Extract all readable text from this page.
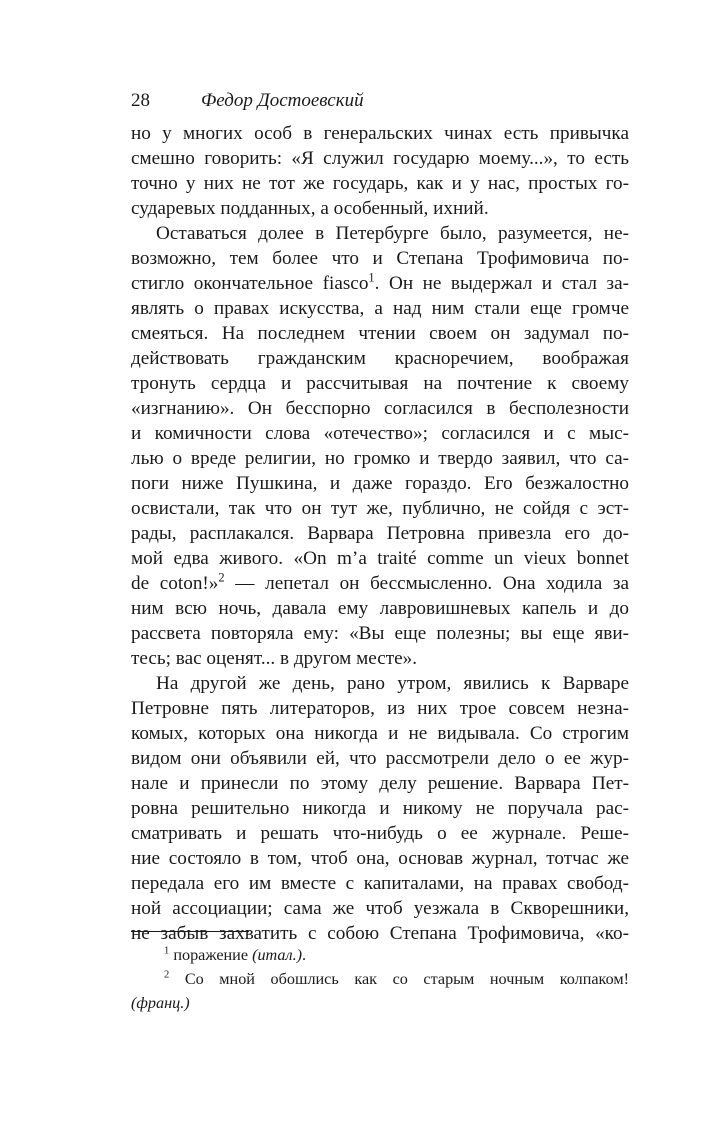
28	Федор Достоевский
но у многих особ в генеральских чинах есть привычка
смешно говорить: «Я служил государю моему...», то есть
точно у них не тот же государь, как и у нас, простых го-
сударевых подданных, а особенный, ихний.
Оставаться долее в Петербурге было, разумеется, не-
возможно, тем более что и Степана Трофимовича по-
стигло окончательное fiasco$^1$. Он не выдержал и стал за-
являть о правах искусства, а над ним стали еще громче
смеяться. На последнем чтении своем он задумал по-
действовать гражданским красноречием, воображая
тронуть сердца и рассчитывая на почтение к своему
«изгнанию». Он бесспорно согласился в бесполезности
и комичности слова «отечество»; согласился и с мыс-
лью о вреде религии, но громко и твердо заявил, что са-
поги ниже Пушкина, и даже гораздо. Его безжалостно
освистали, так что он тут же, публично, не сойдя с эст-
рады, расплакался. Варвара Петровна привезла его до-
мой едва живого. «On m’a traité comme un vieux bonnet
de coton!»$^2$ — лепетал он бессмысленно. Она ходила за
ним всю ночь, давала ему лавровишневых капель и до
рассвета повторяла ему: «Вы еще полезны; вы еще яви-
тесь; вас оценят... в другом месте».
На другой же день, рано утром, явились к Варваре
Петровне пять литераторов, из них трое совсем незна-
комых, которых она никогда и не видывала. Со строгим
видом они объявили ей, что рассмотрели дело о ее жур-
нале и принесли по этому делу решение. Варвара Пет-
ровна решительно никогда и никому не поручала рас-
сматривать и решать что-нибудь о ее журнале. Реше-
ние состояло в том, чтоб она, основав журнал, тотчас же
передала его им вместе с капиталами, на правах свобод-
ной ассоциации; сама же чтоб уезжала в Скворешники,
не забыв захватить с собою Степана Трофимовича, «ко-
$^1$ поражение (итал.).
$^2$ Со мной обошлись как со старым ночным колпаком!
(франц.)
